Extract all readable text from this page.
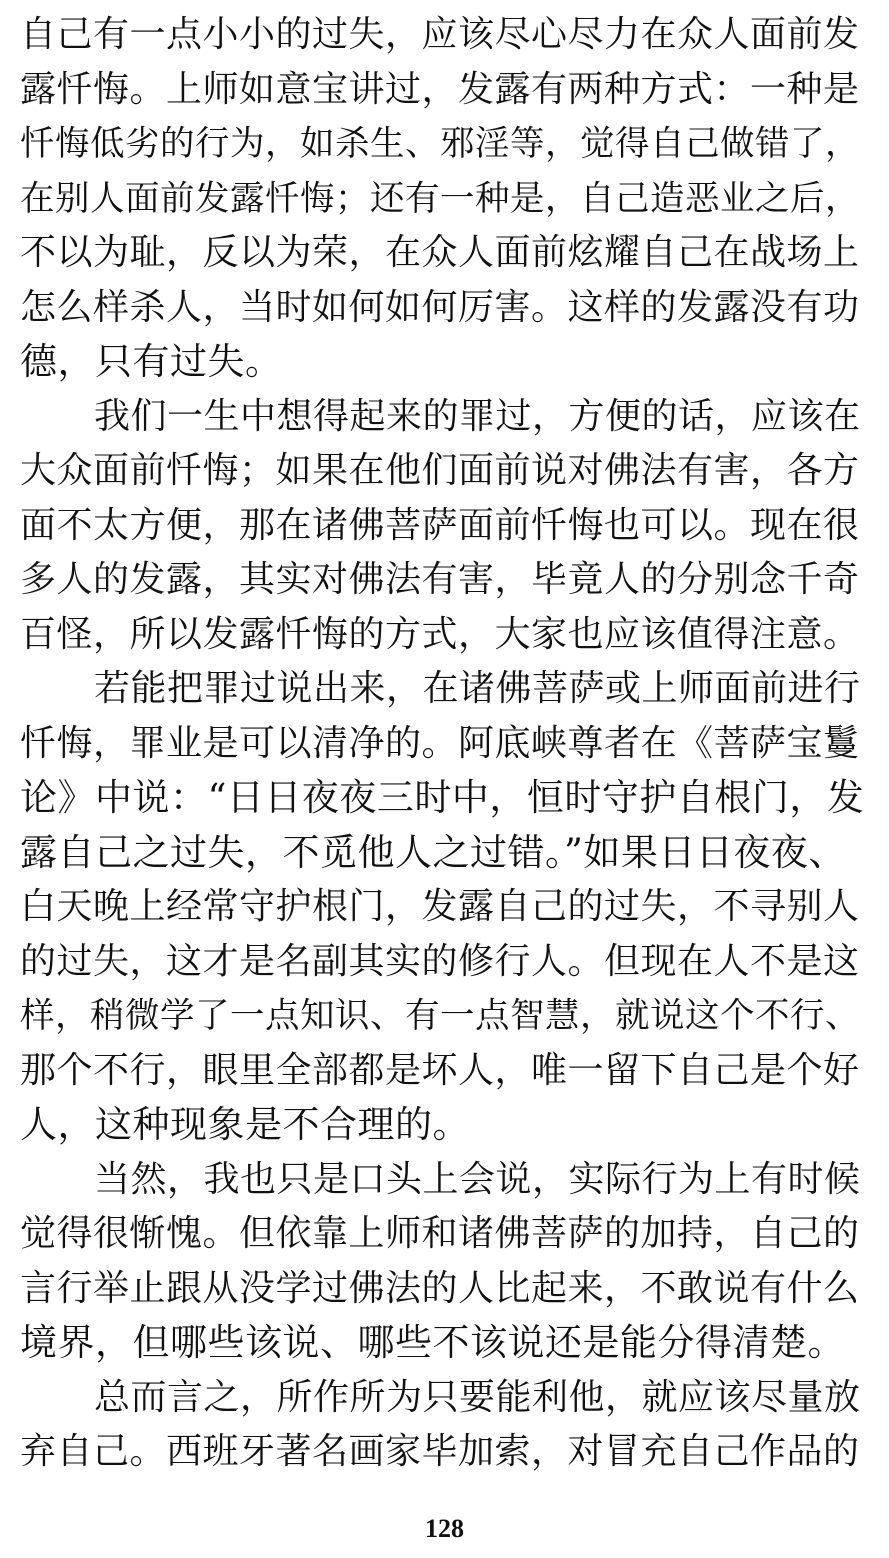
自己有一点小小的过失，应该尽心尽力在众人面前发
露忏悔。上师如意宝讲过，发露有两种方式：一种是
忏悔低劣的行为，如杀生、邪淫等，觉得自己做错了，
在别人面前发露忏悔；还有一种是，自己造恶业之后，
不以为耻，反以为荣，在众人面前炫耀自己在战场上
怎么样杀人，当时如何如何厉害。这样的发露没有功
德，只有过失。
我们一生中想得起来的罪过，方便的话，应该在
大众面前忏悔；如果在他们面前说对佛法有害，各方
面不太方便，那在诸佛菩萨面前忏悔也可以。现在很
多人的发露，其实对佛法有害，毕竟人的分别念千奇
百怪，所以发露忏悔的方式，大家也应该值得注意。
若能把罪过说出来，在诸佛菩萨或上师面前进行
忏悔，罪业是可以清净的。阿底峡尊者在《菩萨宝鬘
论》中说：“日日夜夜三时中，恒时守护自根门，发
露自己之过失，不觅他人之过错。”如果日日夜夜、
白天晚上经常守护根门，发露自己的过失，不寻别人
的过失，这才是名副其实的修行人。但现在人不是这
样，稍微学了一点知识、有一点智慧，就说这个不行、
那个不行，眼里全部都是坏人，唯一留下自己是个好
人，这种现象是不合理的。
当然，我也只是口头上会说，实际行为上有时候
觉得很惭愧。但依靠上师和诸佛菩萨的加持，自己的
言行举止跟从没学过佛法的人比起来，不敢说有什么
境界，但哪些该说、哪些不该说还是能分得清楚。
总而言之，所作所为只要能利他，就应该尽量放
弃自己。西班牙著名画家毕加索，对冒充自己作品的
128
